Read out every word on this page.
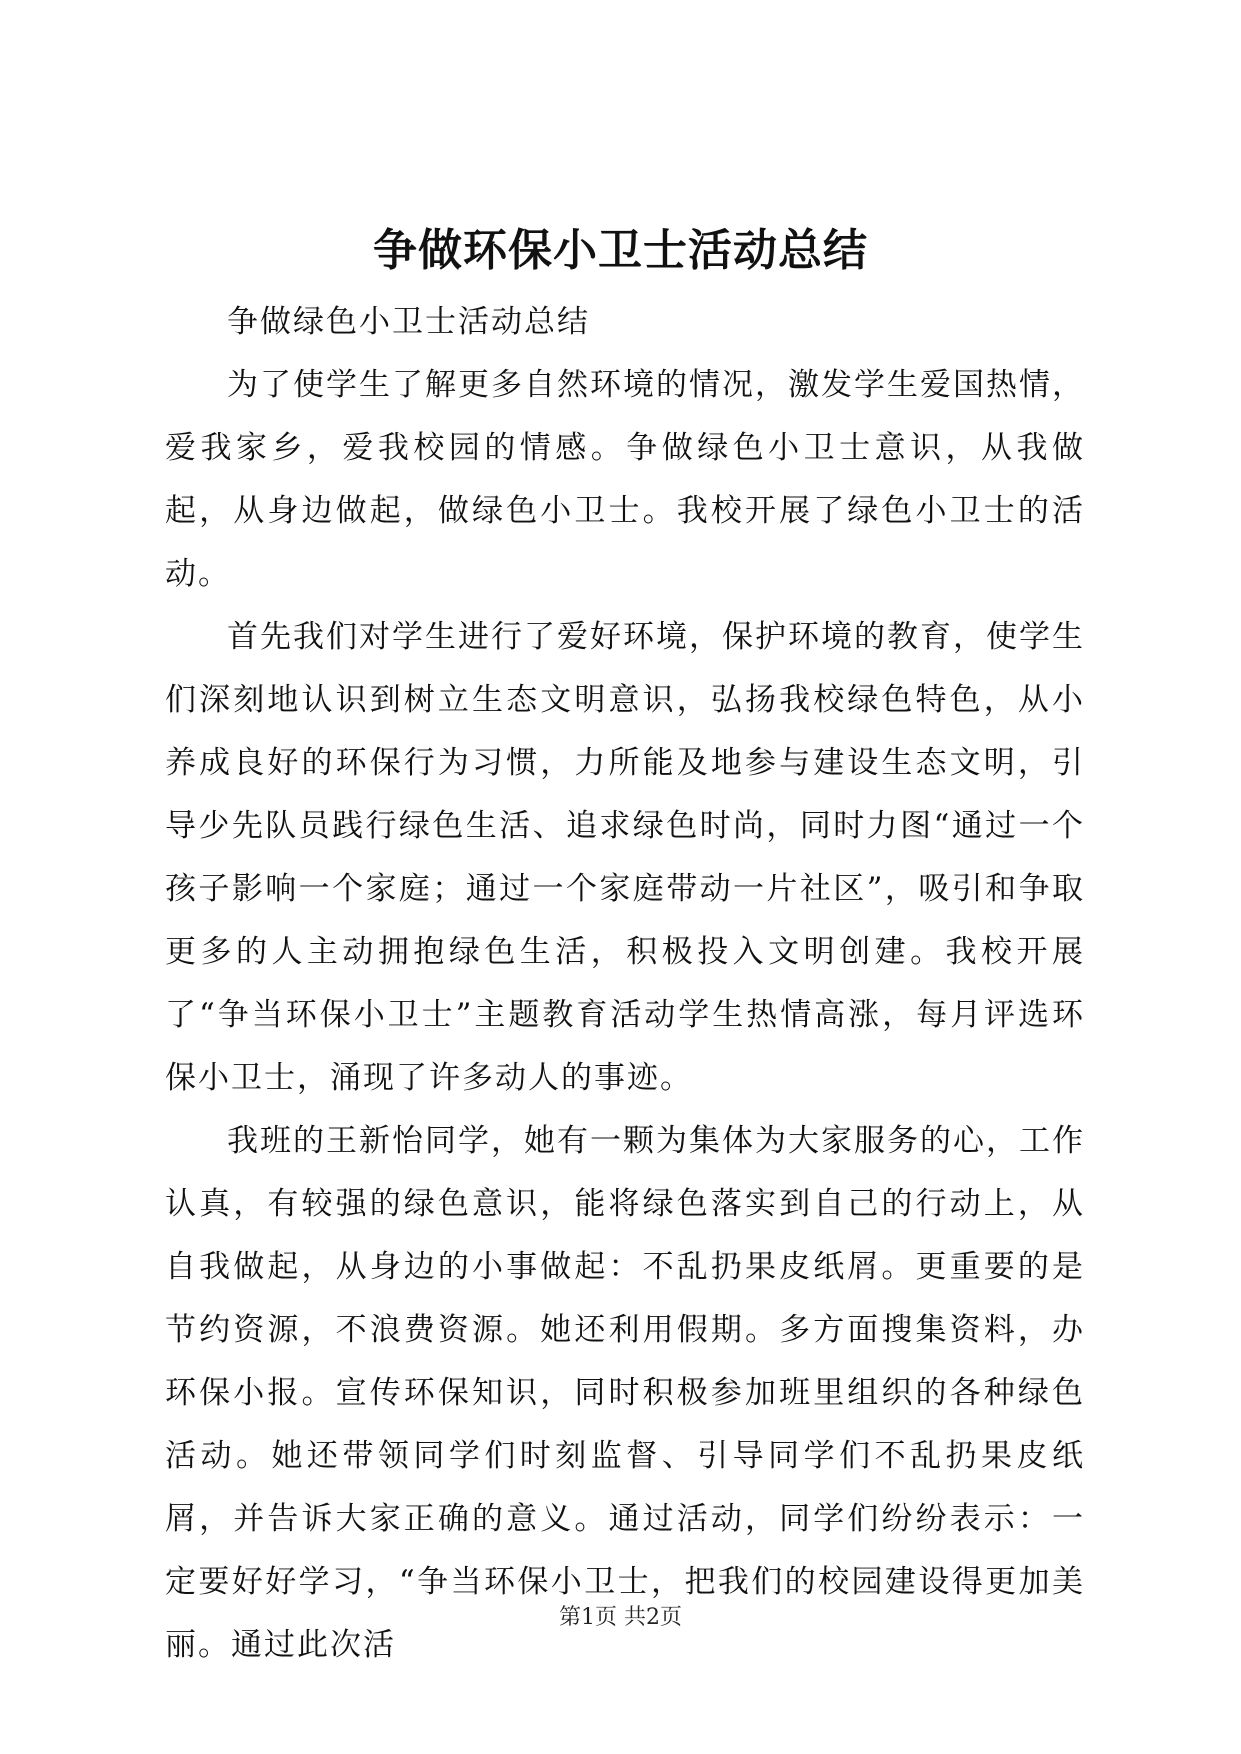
争做环保小卫士活动总结

争做绿色小卫士活动总结

为了使学生了解更多自然环境的情况，激发学生爱国热情，爱我家乡，爱我校园的情感。争做绿色小卫士意识，从我做起，从身边做起，做绿色小卫士。我校开展了绿色小卫士的活动。

首先我们对学生进行了爱好环境，保护环境的教育，使学生们深刻地认识到树立生态文明意识，弘扬我校绿色特色，从小养成良好的环保行为习惯，力所能及地参与建设生态文明，引导少先队员践行绿色生活、追求绿色时尚，同时力图“通过一个孩子影响一个家庭；通过一个家庭带动一片社区”，吸引和争取更多的人主动拥抱绿色生活，积极投入文明创建。我校开展了“争当环保小卫士”主题教育活动学生热情高涨，每月评选环保小卫士，涌现了许多动人的事迹。

我班的王新怡同学，她有一颗为集体为大家服务的心，工作认真，有较强的绿色意识，能将绿色落实到自己的行动上，从自我做起，从身边的小事做起：不乱扔果皮纸屑。更重要的是节约资源，不浪费资源。她还利用假期。多方面搜集资料，办环保小报。宣传环保知识，同时积极参加班里组织的各种绿色活动。她还带领同学们时刻监督、引导同学们不乱扔果皮纸屑，并告诉大家正确的意义。通过活动，同学们纷纷表示：一定要好好学习，“争当环保小卫士，把我们的校园建设得更加美丽。通过此次活

第1页 共2页
